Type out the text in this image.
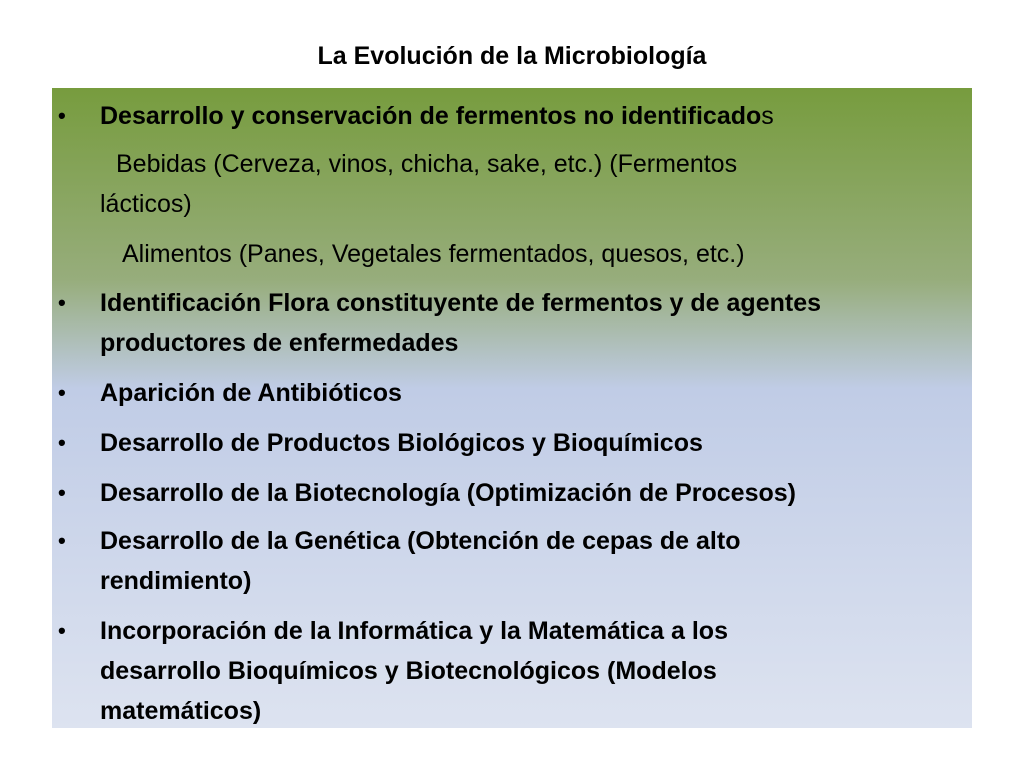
La Evolución de la Microbiología
• Desarrollo y conservación de fermentos no identificados
Bebidas (Cerveza, vinos, chicha, sake, etc.) (Fermentos
lácticos)
Alimentos (Panes, Vegetales fermentados, quesos, etc.)
• Identificación Flora constituyente de fermentos y de agentes
productores de enfermedades
• Aparición de Antibióticos
• Desarrollo de Productos Biológicos y Bioquímicos
• Desarrollo de la Biotecnología (Optimización de Procesos)
• Desarrollo de la Genética (Obtención de cepas de alto
rendimiento)
• Incorporación de la Informática y la Matemática a los
desarrollo Bioquímicos y Biotecnológicos (Modelos
matemáticos)
